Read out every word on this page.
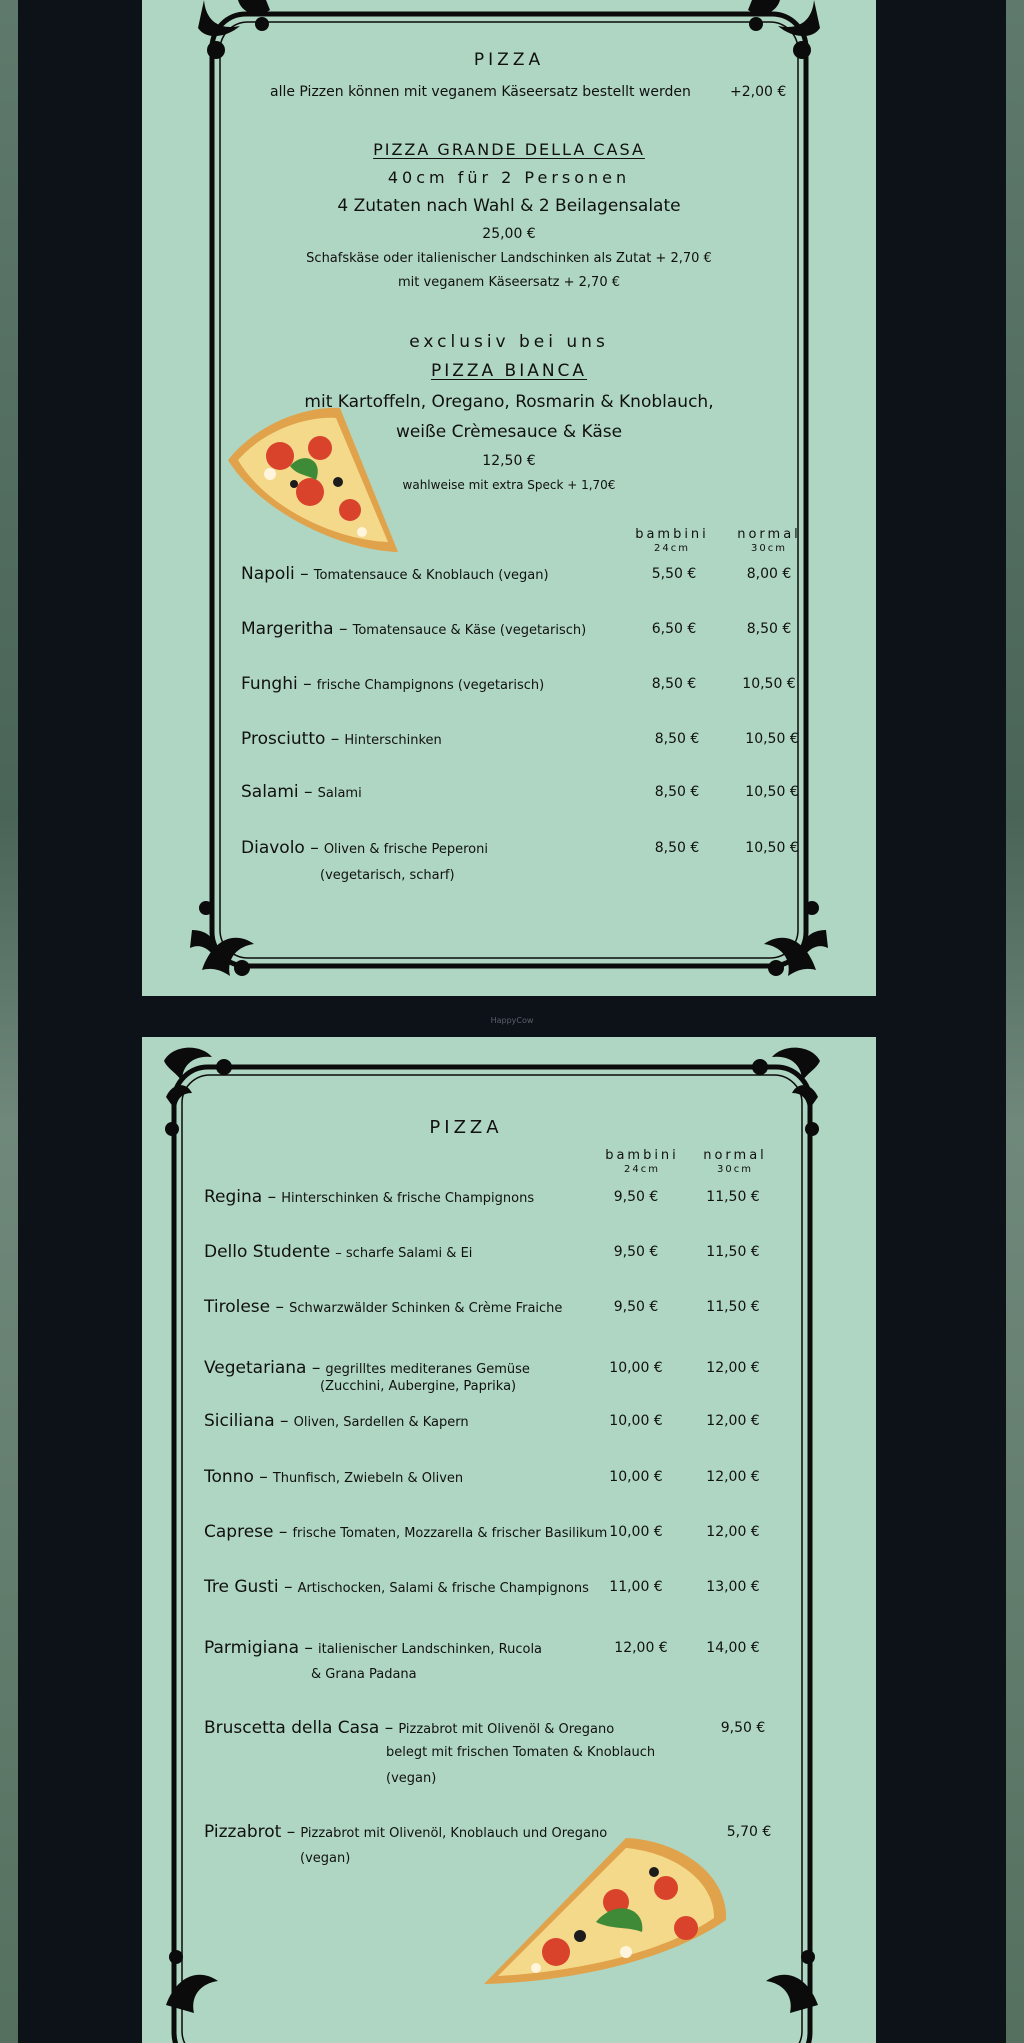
HappyCow
PIZZA
alle Pizzen können mit veganem Käseersatz bestellt werden	+2,00 €
PIZZA GRANDE DELLA CASA
40cm für 2 Personen
4 Zutaten nach Wahl & 2 Beilagensalate
25,00 €
Schafskäse oder italienischer Landschinken als Zutat + 2,70 €
mit veganem Käseersatz + 2,70 €
exclusiv bei uns
PIZZA BIANCA
mit Kartoffeln, Oregano, Rosmarin & Knoblauch,
weiße Crèmesauce & Käse
12,50 €
wahlweise mit extra Speck + 1,70€
bambini
24cm
normal
30cm
Napoli – Tomatensauce & Knoblauch (vegan)	5,50 €	8,00 €
Margeritha – Tomatensauce & Käse (vegetarisch)	6,50 €	8,50 €
Funghi – frische Champignons (vegetarisch)	8,50 €	10,50 €
Prosciutto – Hinterschinken	8,50 €	10,50 €
Salami – Salami	8,50 €	10,50 €
Diavolo – Oliven & frische Peperoni
(vegetarisch, scharf)
8,50 €	10,50 €
PIZZA
bambini
24cm
normal
30cm
Regina – Hinterschinken & frische Champignons	9,50 €	11,50 €
Dello Studente – scharfe Salami & Ei	9,50 €	11,50 €
Tirolese – Schwarzwälder Schinken & Crème Fraiche	9,50 €	11,50 €
Vegetariana – gegrilltes mediteranes Gemüse
(Zucchini, Aubergine, Paprika)
10,00 €	12,00 €
Siciliana – Oliven, Sardellen & Kapern	10,00 €	12,00 €
Tonno – Thunfisch, Zwiebeln & Oliven	10,00 €	12,00 €
Caprese – frische Tomaten, Mozzarella & frischer Basilikum 10,00 €	12,00 €
Tre Gusti – Artischocken, Salami & frische Champignons	11,00 €	13,00 €
Parmigiana – italienischer Landschinken, Rucola
& Grana Padana
12,00 €	14,00 €
Bruscetta della Casa – Pizzabrot mit Olivenöl & Oregano
belegt mit frischen Tomaten & Knoblauch
(vegan)
9,50 €
Pizzabrot – Pizzabrot mit Olivenöl, Knoblauch und Oregano
(vegan)
5,70 €
